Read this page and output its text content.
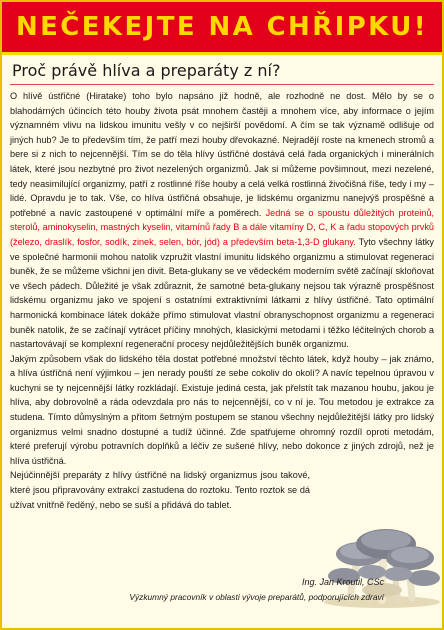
NEČEKEJTE NA CHŘIPKU!
Proč právě hlíva a preparáty z ní?

O hlívě ústřičné (Hiratake) toho bylo napsáno již hodně, ale rozhodně ne dost. Mělo by se o blahodárných účincích této houby života psát mnohem častěji a mnohem více, aby informace o jejím významném vlivu na lidskou imunitu vešly v co nejširší povědomí. A čím se tak významě odlišuje od jiných hub? Je to především tím, že patří mezi houby dřevokazné. Nejradějí roste na kmenech stromů a bere si z nich to nejcennější. Tím se do těla hlívy ústřičné dostává celá řada organických i minerálních látek, které jsou nezbytné pro život nezelených organizmů. Jak si můžeme povšimnout, mezi nezelené, tedy neasimilující organizmy, patří z rostlinné říše houby a celá velká rostlinná živočišná říše, tedy i my – lidé. Opravdu je to tak. Vše, co hlíva ústřičná obsahuje, je lidskému organizmu nanejvýš prospěšné a potřebné a navíc zastoupené v optimální míře a poměrech. Jedná se o spoustu důležitých proteinů, sterolů, aminokyselin, mastných kyselin, vitamínů řady B a dále vitamíny D, C, K a řadu stopových prvků (železo, draslík, fosfor, sodík, zinek, selen, bór, jód) a především beta-1,3-D glukany. Tyto všechny látky ve společné harmonii mohou natolik vzpružit vlastní imunitu lidského organizmu a stimulovat regeneraci buněk, že se můžeme všichni jen divit. Beta-glukany se ve vědeckém moderním světě začínají skloňovat ve všech pádech. Důležité je však zdůraznit, že samotné beta-glukany nejsou tak výrazně prospěšnost lidskému organizmu jako ve spojení s ostatními extraktivními látkami z hlívy ústřičné. Tato optimální harmonická kombinace látek dokáže přímo stimulovat vlastní obranyschopnost organizmu a regeneraci buněk natolik, že se začínají vytrácet příčiny mnohých, klasickými metodami i těžko léčitelných chorob a nastartovávají se komplexní regenerační procesy nejdůležitějších buněk organizmu.

Jakým způsobem však do lidského těla dostat potřebné množství těchto látek, když houby – jak známo, a hlíva ústřičná není výjimkou – jen nerady pouští ze sebe cokoliv do okolí? A navíc tepelnou úpravou v kuchyni se ty nejcennější látky rozkládají. Existuje jediná cesta, jak přelstít tak mazanou houbu, jakou je hlíva, aby dobrovolně a ráda odevzdala pro nás to nejcennější, co v ní je. Tou metodou je extrakce za studena. Tímto důmyslným a přitom šetrným postupem se stanou všechny nejdůležitější látky pro lidský organizmus velmi snadno dostupné a tudíž účinné. Zde spatřujeme ohromný rozdíl oproti metodám, které preferují výrobu potravních doplňků a léčiv ze sušené hlívy, nebo dokonce z jiných zdrojů, než je hlíva ústřičná.

Nejúčinnější preparáty z hlívy ústřičné na lidský organizmus jsou takové, které jsou připravovány extrakcí zastudena do roztoku. Tento roztok se dá užívat vnitřně ředěný, nebo se suší a přidává do tablet.

Ing. Jan Kroutil, CSc
Výzkumný pracovník v oblasti vývoje preparátů, podporujících zdraví
